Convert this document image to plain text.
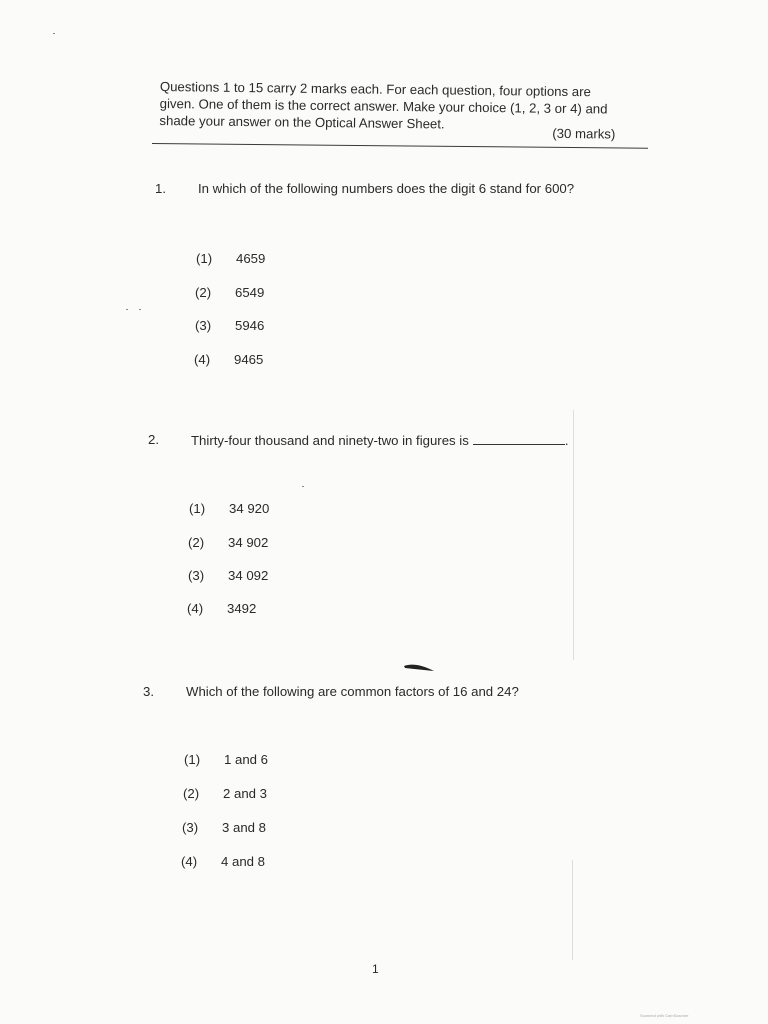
Questions 1 to 15 carry 2 marks each. For each question, four options are
given. One of them is the correct answer. Make your choice (1, 2, 3 or 4) and
shade your answer on the Optical Answer Sheet.
(30 marks)
1. In which of the following numbers does the digit 6 stand for 600?
(1) 4659
(2) 6549
(3) 5946
(4) 9465
2. Thirty-four thousand and ninety-two in figures is	.
(1) 34 920
(2) 34 902
(3) 34 092
(4) 3492
3. Which of the following are common factors of 16 and 24?
(1) 1 and 6
(2) 2 and 3
(3) 3 and 8
(4) 4 and 8
1
Scanned with CamScanner
